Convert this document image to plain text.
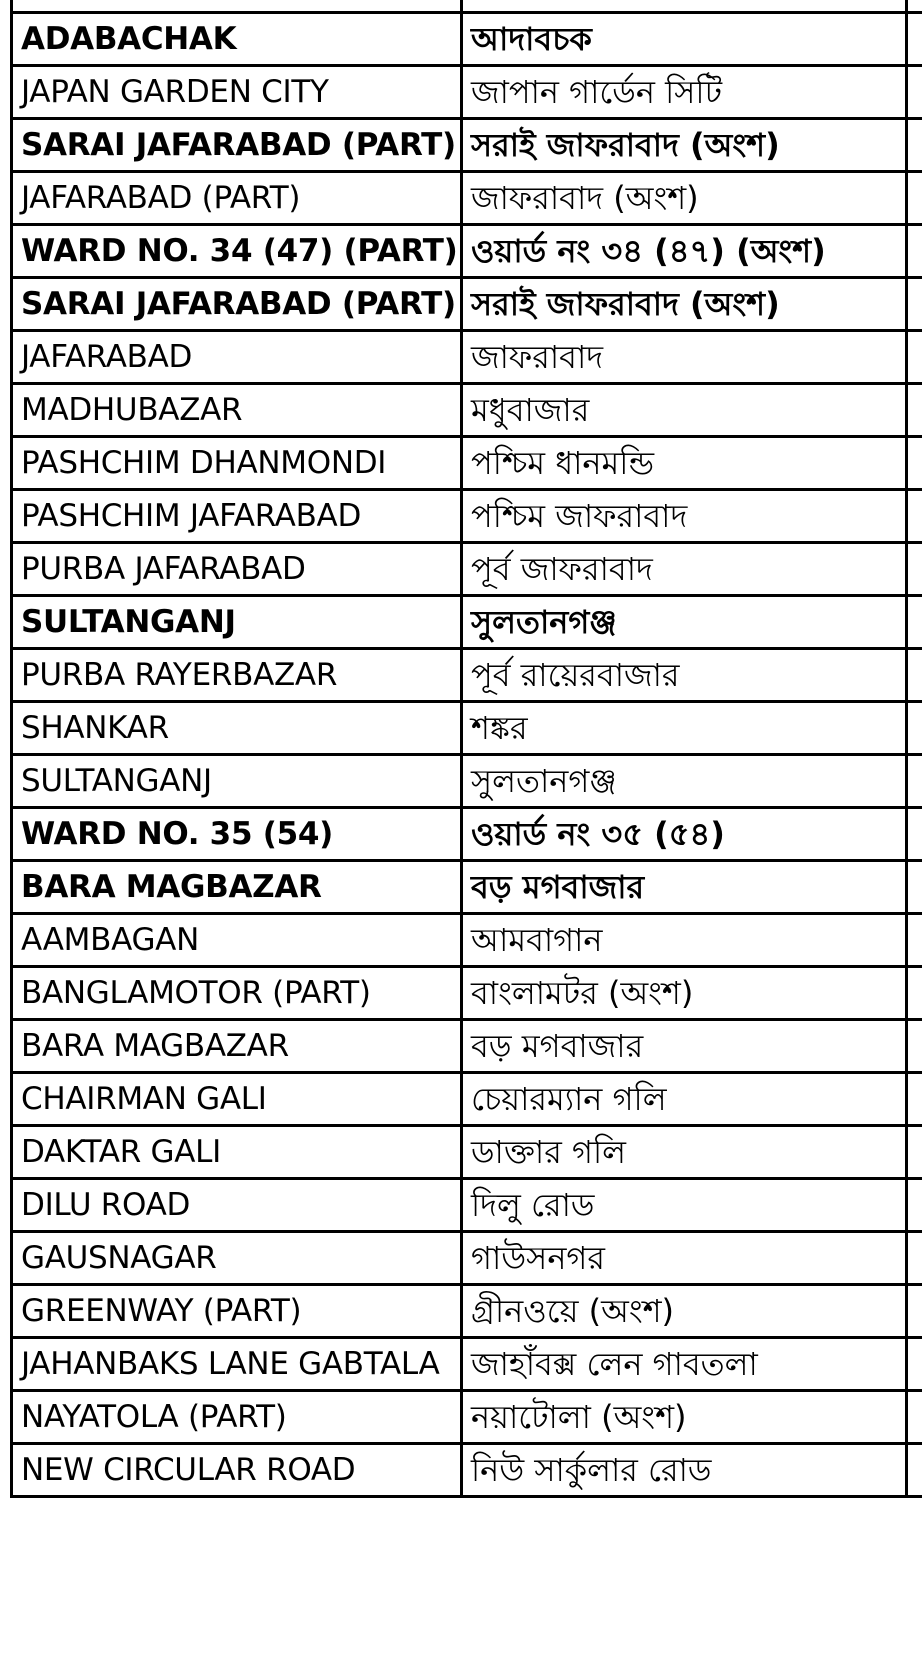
ADABACHAK	আদাবচক	
JAPAN GARDEN CITY	জাপান গার্ডেন সিটি	
SARAI JAFARABAD (PART)	সরাই জাফরাবাদ (অংশ)	
JAFARABAD (PART)	জাফরাবাদ (অংশ)	
WARD NO. 34 (47) (PART)	ওয়ার্ড নং ৩৪ (৪৭) (অংশ)	
SARAI JAFARABAD (PART)	সরাই জাফরাবাদ (অংশ)	
JAFARABAD	জাফরাবাদ	
MADHUBAZAR	মধুবাজার	
PASHCHIM DHANMONDI	পশ্চিম ধানমন্ডি	
PASHCHIM JAFARABAD	পশ্চিম জাফরাবাদ	
PURBA JAFARABAD	পূর্ব জাফরাবাদ	
SULTANGANJ	সুলতানগঞ্জ	
PURBA RAYERBAZAR	পূর্ব রায়েরবাজার	
SHANKAR	শঙ্কর	
SULTANGANJ	সুলতানগঞ্জ	
WARD NO. 35 (54)	ওয়ার্ড নং ৩৫ (৫৪)	
BARA MAGBAZAR	বড় মগবাজার	
AAMBAGAN	আমবাগান	
BANGLAMOTOR (PART)	বাংলামটর (অংশ)	
BARA MAGBAZAR	বড় মগবাজার	
CHAIRMAN GALI	চেয়ারম্যান গলি	
DAKTAR GALI	ডাক্তার গলি	
DILU ROAD	দিলু রোড	
GAUSNAGAR	গাউসনগর	
GREENWAY (PART)	গ্রীনওয়ে (অংশ)	
JAHANBAKS LANE GABTALA	জাহাঁবক্স লেন গাবতলা	
NAYATOLA (PART)	নয়াটোলা (অংশ)	
NEW CIRCULAR ROAD	নিউ সার্কুলার রোড	
